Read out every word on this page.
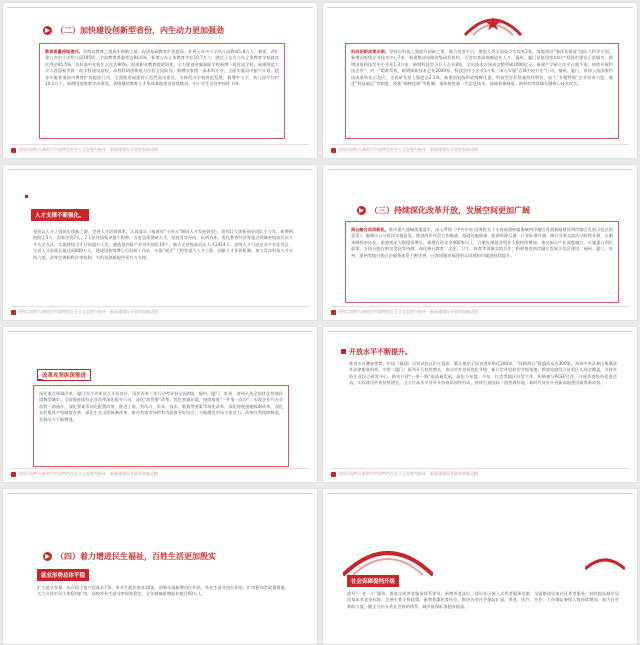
（二）加快建设创新型省份，内生动力更加强劲
教育质量持续提升。坚持以教育之强筑牢创新之基，促进基础教育扩优提质，补充公办中小学幼儿园教师1.8万人，新建、改扩建公办中小学幼儿园195所，学前教育普惠率达94.6%，新增公办义务教育学位10.7万个，随迁子女在公办义务教育学校就读比例达95.5%，达标高中在校生占比达90%。促进职业教育提质培优，全力推进省属高职学校新增一批优质学校，福建师范大学入选国家世界一流学科建设高校，高校科研创新能力位居全国前列，新增国家级一流本科专业，全面实施县中振兴计划，稳步实施普通高中教育扩容提质行动，全面推进福建省示范性高中建设，支持民办学校规范发展，新增中小学、幼儿园学位约10.1万个，新增国家级教学成果奖，省级继续教育人才培训基地建设持续推进，中小学生近视率持续下降。
坚持以国特人新时代中国特色社会主义思想为指导，新福建建设开创更加新成路
科技创新成果丰硕。坚持以科技之强提升创新之策，聚力攻坚平台，要组入列全国重点实验室2家，落地建设“海洋负排放”国际大科学计划，新增国家级企业技术中心7家、新建集成电路省级研发机构，引进培育高端制造业人才，福州、厦门获批国家知识产权强市建设示范城市，新增国家科技型中小企业1.3万家、新增科技型小巨人企业8家，全年技术合同成交额突破1000亿元，新建产学研合作平台超千家。持续开展科技企业“一对一”精准帮扶，新增高新技术企业2000家、科技型中小企业1万家。深入实施“百城千校万企”行动，福州、厦门、泉州入选国家科技成果转化示范区，全省研发投入强度达2.1%，新建国家级和省级孵化器，科技型企业数量持续增长，加大“专精特新”企业培育力度，做优“科技副总”等制度，创新“揭榜挂帅”等机制，加快推进新一代信息技术、高端装备制造、新材料等领域关键核心技术攻关。
坚持以国特人新时代中国特色社会主义思想为指导，新福建建设开创更加新成路
人才支撑不断强化。
坚持以人才之强筑牢创新之源，完善人才培养体系，认真落实《福建省“十四五”期间人才发展规划》，培养壮大创新创业团队主力军，新增两院院士5人、国家杰青7人，2人获评国家卓越工程师，引进急需紧缺人才，坚持青年导向，以两为本，优化教育经济等重点领域省级高层次人才认定办法，实施省级引才计划超万人次，遴选第四批产业领军团队19个，新认定省级高层次人才2414人、高级人才引进企业产业化项目，全省人才资源总量达到800万人，建成国家级博士后科研工作站，实施“闽才”工程等重大人才工程，创新人才评价机制，加大青年科技人才支持力度，改革完善职称评审机制，为科技创新提供更有力支撑。
坚持以国特人新时代中国特色社会主义思想为指导，新福建建设开创更加新成路
（三）持续深化改革开放，发展空间更加广阔
闽台融合再添新机。推动重大战略落地落实，深入贯彻《中共中央 国务院关于支持福建探索海峡两岸融合发展新路建设两岸融合发展示范区的意见》，编制出台分阶段实施意见，推进两岸经贸合作畅通、基础设施联通、能源资源互通、行业标准共通。闽台各类交流活动持续开展，台胞来闽探亲访友、旅游观光人数稳步增长，新增台资企业400家以上，台胞在闽就业创业人数持续增加。推动闽台产业深度融合，实施惠台利民政策，支持台胞在闽享受同等待遇，深化闽台教育、文化、卫生、体育等领域交流合作，积极推进两岸融合发展示范区建设，福州、厦门、泉州、漳州等地台胞台企服务体系不断完善，台湾同胞对福建的认同感和归属感持续提升。
坚持以国特人新时代中国特色社会主义思想为指导，新福建建设开创更加新成路
改革攻坚纵深推进
深化重点领域改革，厦门综合改革试点开局良好，国企改革三年行动考评获全国A级，福州、厦门、泉州、漳州入选全国优化营商环境典型城市，全面推进国有企业改革深化提升行动，深化“放管服”改革，优化营商环境，持续推进“一件事一次办”，实现企业开办全流程一网通办，深化要素市场化配置改革，推进土地、劳动力、资本、技术、数据等要素市场化改革，深化财税金融体制改革，深化农村集体产权制度改革，深化生态文明体制改革，推动有效市场和有为政府更好结合，不断激发市场主体活力，改革红利持续释放，发展动力不断增强。
坚持以国特人新时代中国特色社会主义思想为指导，新福建建设开创更加新成路
开放水平不断提升。
推进多区叠加优势，中国（福建）自贸试验区扩区提质，累计推出全国首创举措近200项，“丝路海运”联盟成员达300家，海丝中央法务区集聚涉外法律服务机构，中欧（厦门）班列开行持续增长，推动对外贸易优化升级，新认定外贸转型升级基地，跨境电商综合试验区实现全覆盖，支持外资企业设立研发中心，推动共建“一带一路”高质量发展，深化与东盟、中东、拉美等地区经贸合作，积极参与RCEP合作，开展外商投资促进活动，实际使用外资持续增长，全方位高水平对外开放格局加快形成，持续打造国际一流营商环境，新时代对外开放新高地建设取得新成效。
坚持以国特人新时代中国特色社会主义思想为指导，新福建建设开创更加新成路
（四）着力增进民生福祉，百姓生活更加殷实
就业形势总体平稳
扩大就业容量，出台稳工稳产促就业7条、毕业生就业创业10条，创新实施新增岗位补贴，毕业生就业岗位补贴、扩岗稳岗等政策措施，大力支持市场主体稳岗扩岗，高校毕业生就业率保持稳定，全年城镇新增就业超过60万人。
社会保障提档升级
提升“一老一小”服务，推进全省养老服务体系建设，新增养老床位，建设社区嵌入式养老服务设施，全面推进居家社区养老服务，持续提高城乡居民基本养老金标准，完善生育支持政策，新增普惠托育托位，推进各类社会保险扩面，养老、医疗、失业、工伤保险参保人数持续增加，加大社会救助力度，健全分层分类社会救助体系，城乡低保标准稳步提高。
